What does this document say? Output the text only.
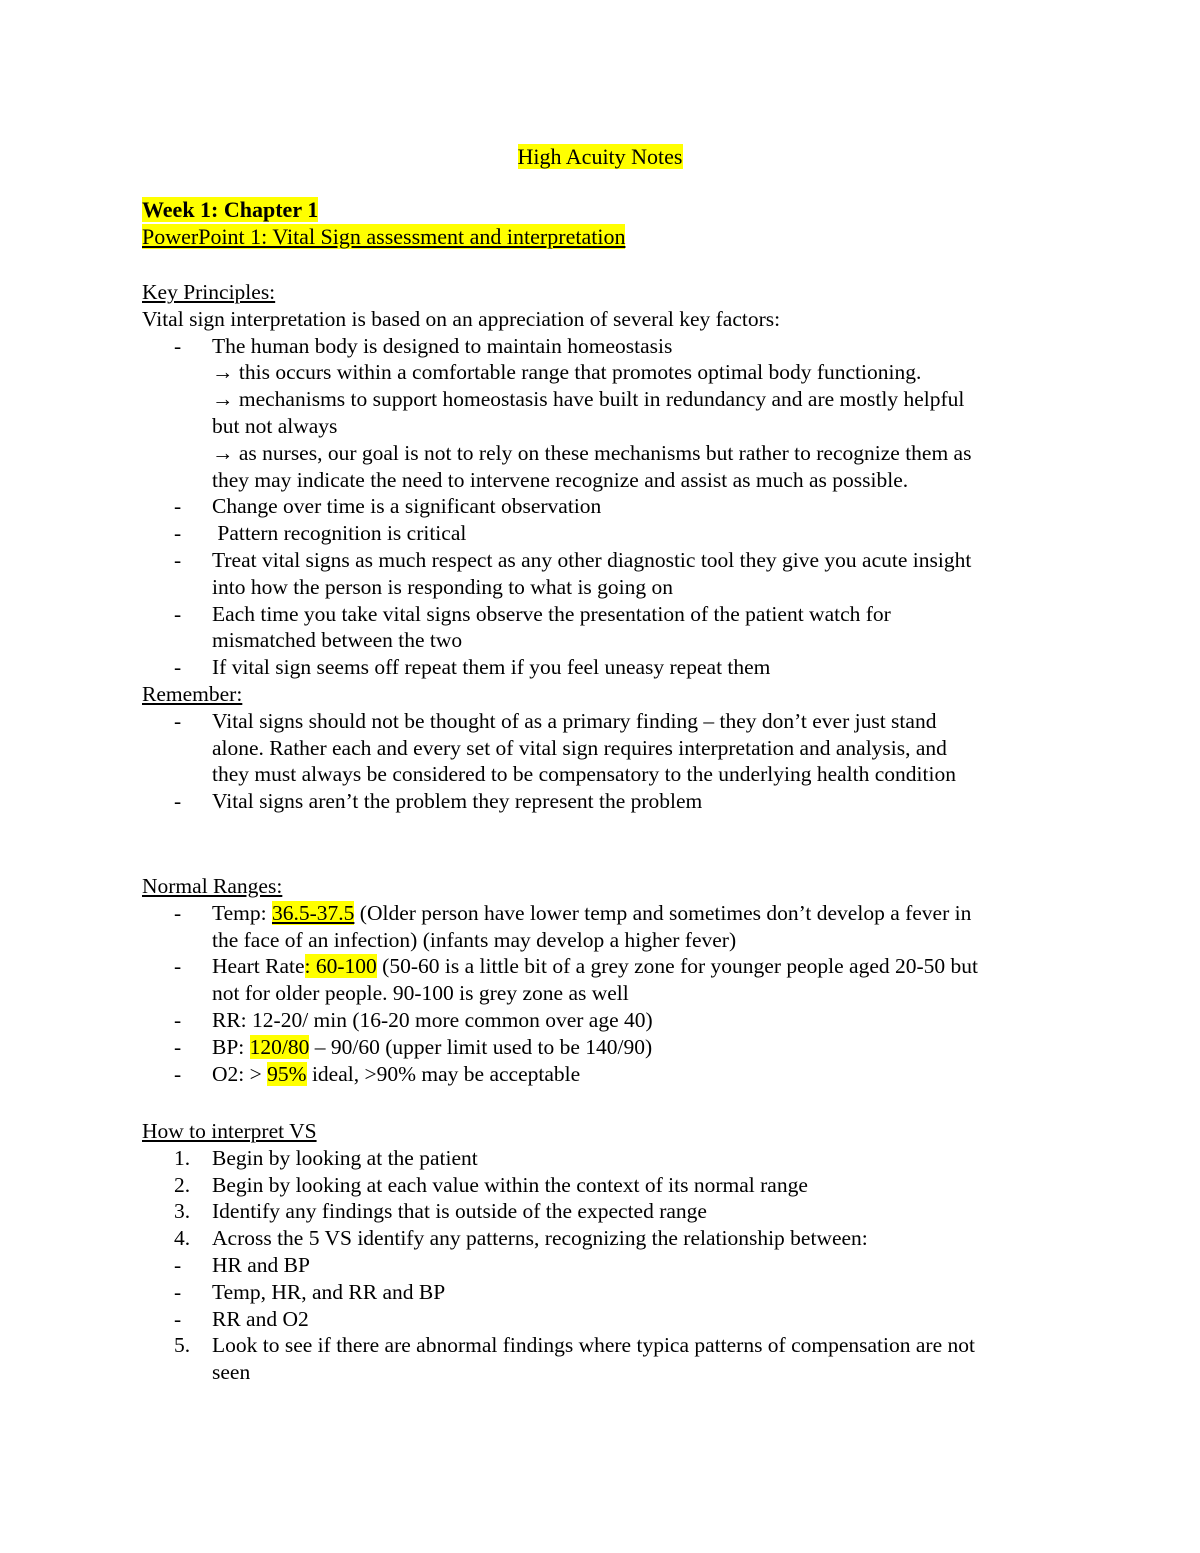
High Acuity Notes
Week 1: Chapter 1
PowerPoint 1: Vital Sign assessment and interpretation
Key Principles:
Vital sign interpretation is based on an appreciation of several key factors:
- The human body is designed to maintain homeostasis
→ this occurs within a comfortable range that promotes optimal body functioning.
→ mechanisms to support homeostasis have built in redundancy and are mostly helpful
but not always
→ as nurses, our goal is not to rely on these mechanisms but rather to recognize them as
they may indicate the need to intervene recognize and assist as much as possible.
- Change over time is a significant observation
- Pattern recognition is critical
- Treat vital signs as much respect as any other diagnostic tool they give you acute insight
into how the person is responding to what is going on
- Each time you take vital signs observe the presentation of the patient watch for
mismatched between the two
- If vital sign seems off repeat them if you feel uneasy repeat them
Remember:
- Vital signs should not be thought of as a primary finding – they don’t ever just stand
alone. Rather each and every set of vital sign requires interpretation and analysis, and
they must always be considered to be compensatory to the underlying health condition
- Vital signs aren’t the problem they represent the problem
Normal Ranges:
- Temp: 36.5-37.5 (Older person have lower temp and sometimes don’t develop a fever in
the face of an infection) (infants may develop a higher fever)
- Heart Rate: 60-100 (50-60 is a little bit of a grey zone for younger people aged 20-50 but
not for older people. 90-100 is grey zone as well
- RR: 12-20/ min (16-20 more common over age 40)
- BP: 120/80 – 90/60 (upper limit used to be 140/90)
- O2: > 95% ideal, >90% may be acceptable
How to interpret VS
1. Begin by looking at the patient
2. Begin by looking at each value within the context of its normal range
3. Identify any findings that is outside of the expected range
4. Across the 5 VS identify any patterns, recognizing the relationship between:
- HR and BP
- Temp, HR, and RR and BP
- RR and O2
5. Look to see if there are abnormal findings where typica patterns of compensation are not
seen
